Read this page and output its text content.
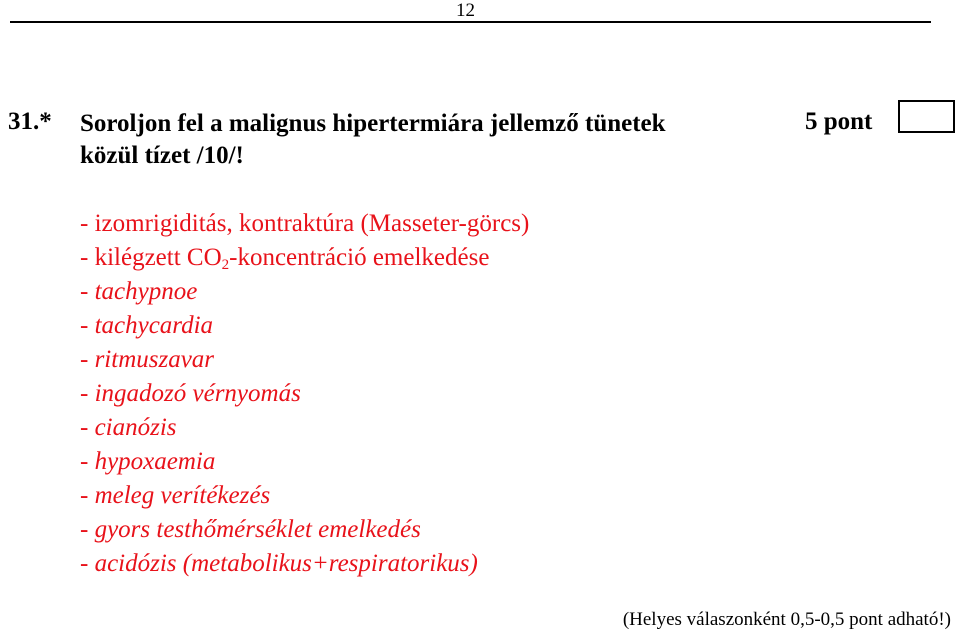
12
31.* Soroljon fel a malignus hipertermiára jellemző tünetek
közül tízet /10/!
5 pont
- izomrigiditás, kontraktúra (Masseter-görcs)
- kilégzett $CO_2$-koncentráció emelkedése
- tachypnoe
- tachycardia
- ritmuszavar
- ingadozó vérnyomás
- cianózis
- hypoxaemia
- meleg verítékezés
- gyors testhőmérséklet emelkedés
- acidózis (metabolikus+respiratorikus)
(Helyes válaszonként 0,5-0,5 pont adható!)
